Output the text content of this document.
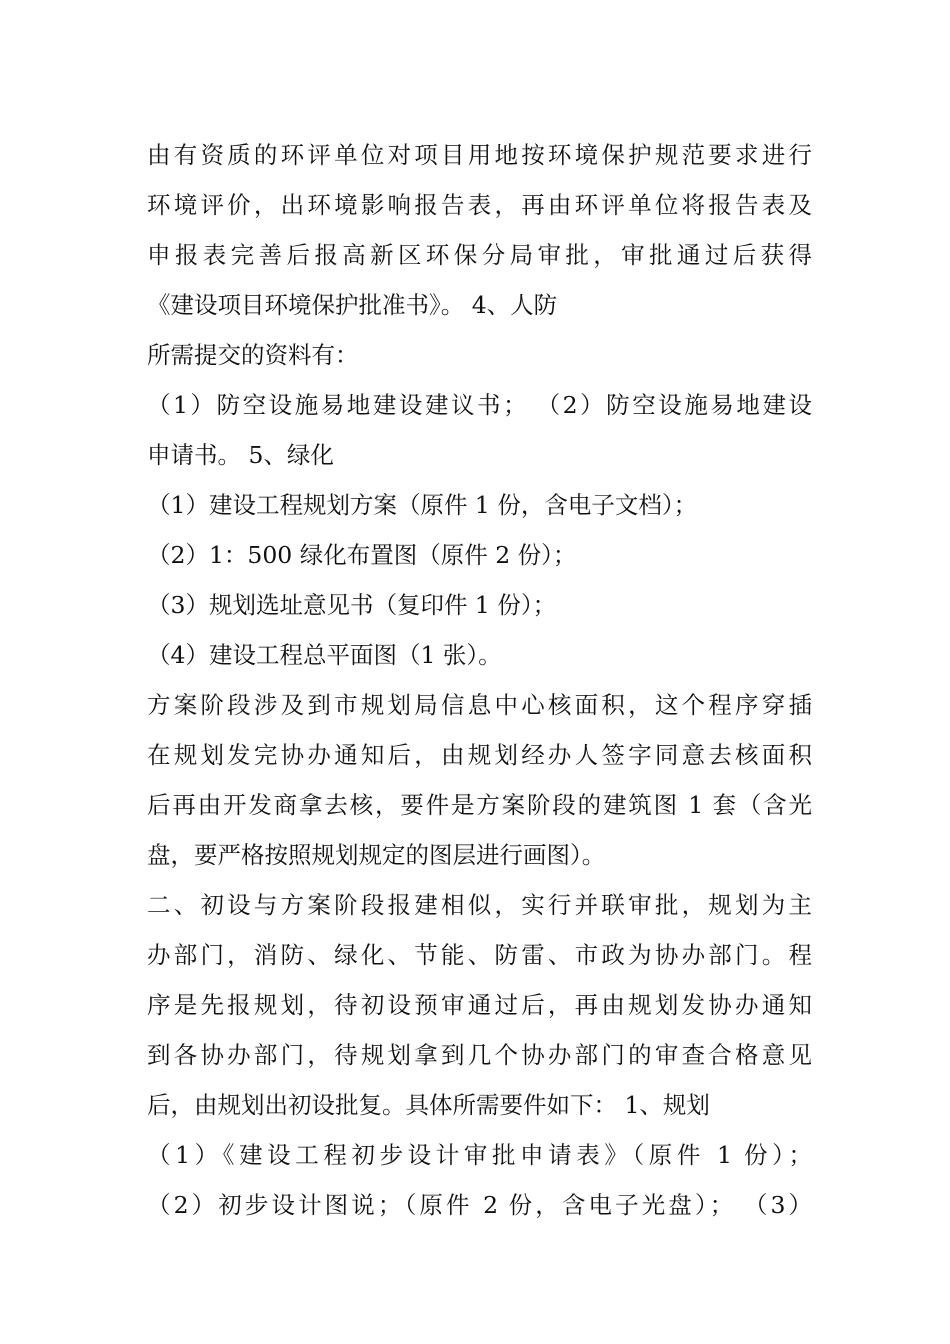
由有资质的环评单位对项目用地按环境保护规范要求进行
环境评价，出环境影响报告表，再由环评单位将报告表及
申报表完善后报高新区环保分局审批，审批通过后获得
《建设项目环境保护批准书》。 4、人防
所需提交的资料有：
（1）防空设施易地建设建议书； （2）防空设施易地建设
申请书。 5、绿化
（1）建设工程规划方案（原件 1 份，含电子文档）；
（2）1：500 绿化布置图（原件 2 份）；
（3）规划选址意见书（复印件 1 份）；
（4）建设工程总平面图（1 张）。
方案阶段涉及到市规划局信息中心核面积，这个程序穿插
在规划发完协办通知后，由规划经办人签字同意去核面积
后再由开发商拿去核，要件是方案阶段的建筑图 1 套（含光
盘，要严格按照规划规定的图层进行画图）。
二、初设与方案阶段报建相似，实行并联审批，规划为主
办部门，消防、绿化、节能、防雷、市政为协办部门。程
序是先报规划，待初设预审通过后，再由规划发协办通知
到各协办部门，待规划拿到几个协办部门的审查合格意见
后，由规划出初设批复。具体所需要件如下： 1、规划
（1）《建设工程初步设计审批申请表》（原件 1 份）；
（2）初步设计图说；（原件 2 份，含电子光盘）； （3）
